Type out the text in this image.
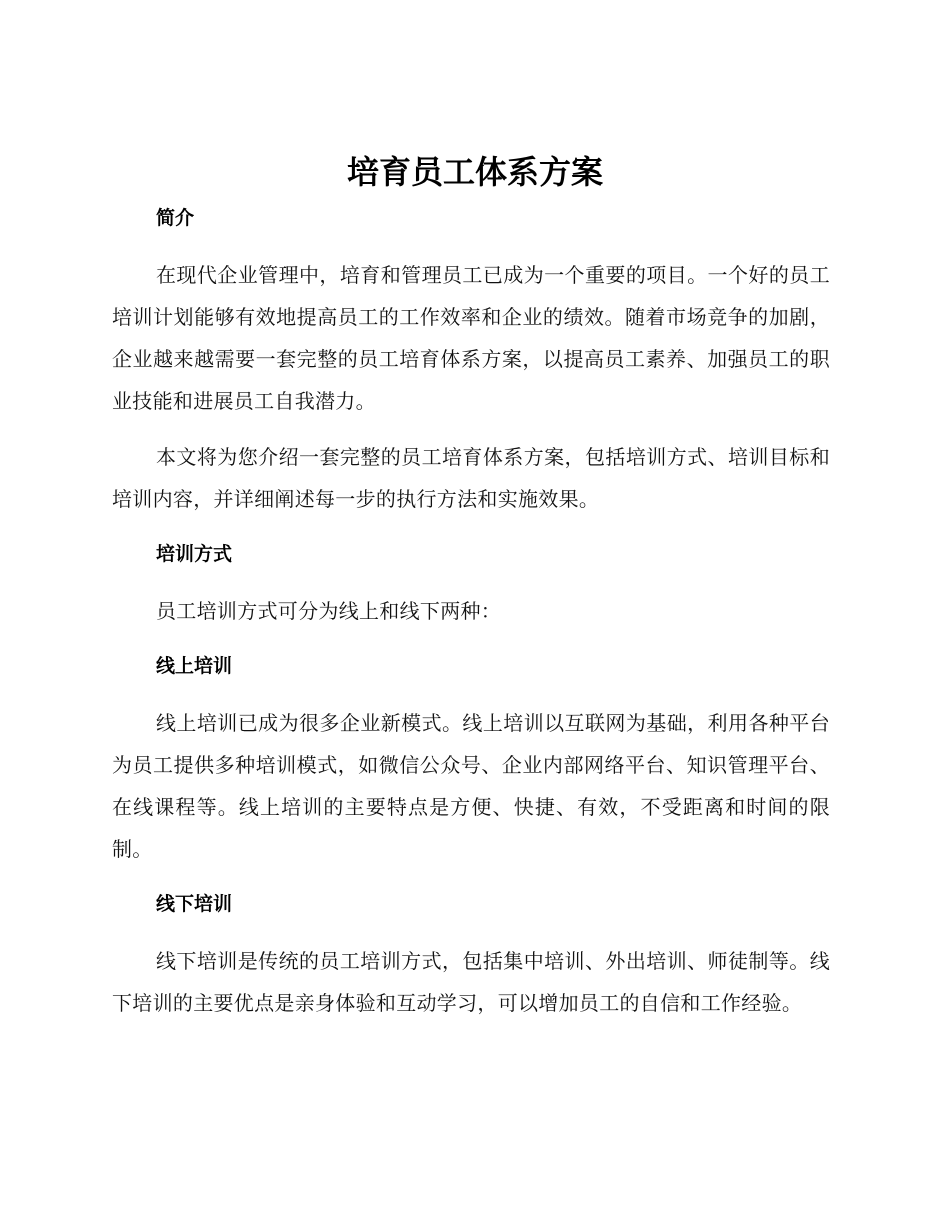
培育员工体系方案
简介

在现代企业管理中，培育和管理员工已成为一个重要的项目。一个好的员工培训计划能够有效地提高员工的工作效率和企业的绩效。随着市场竞争的加剧，企业越来越需要一套完整的员工培育体系方案，以提高员工素养、加强员工的职业技能和进展员工自我潜力。

本文将为您介绍一套完整的员工培育体系方案，包括培训方式、培训目标和培训内容，并详细阐述每一步的执行方法和实施效果。

培训方式

员工培训方式可分为线上和线下两种：

线上培训

线上培训已成为很多企业新模式。线上培训以互联网为基础，利用各种平台为员工提供多种培训模式，如微信公众号、企业内部网络平台、知识管理平台、在线课程等。线上培训的主要特点是方便、快捷、有效，不受距离和时间的限制。

线下培训

线下培训是传统的员工培训方式，包括集中培训、外出培训、师徒制等。线下培训的主要优点是亲身体验和互动学习，可以增加员工的自信和工作经验。
